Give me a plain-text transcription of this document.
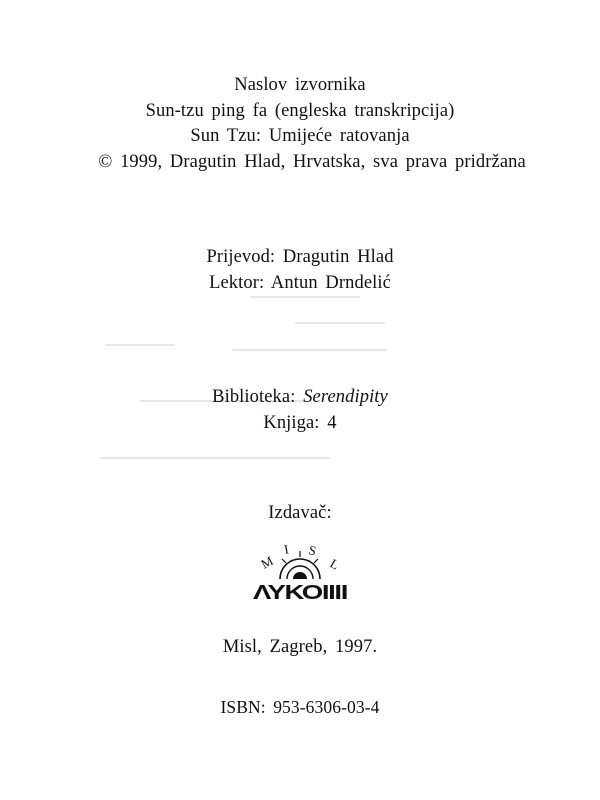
Naslov izvornika
Sun-tzu ping fa (engleska transkripcija)
Sun Tzu: Umijeće ratovanja
© 1999, Dragutin Hlad, Hrvatska, sva prava pridržana
Prijevod: Dragutin Hlad
Lektor: Antun Drndelić
Biblioteka: Serendipity
Knjiga: 4
Izdavač:
M
I S
L
ΛΥΚΟΙΙΙΙ
Misl, Zagreb, 1997.
ISBN: 953-6306-03-4
